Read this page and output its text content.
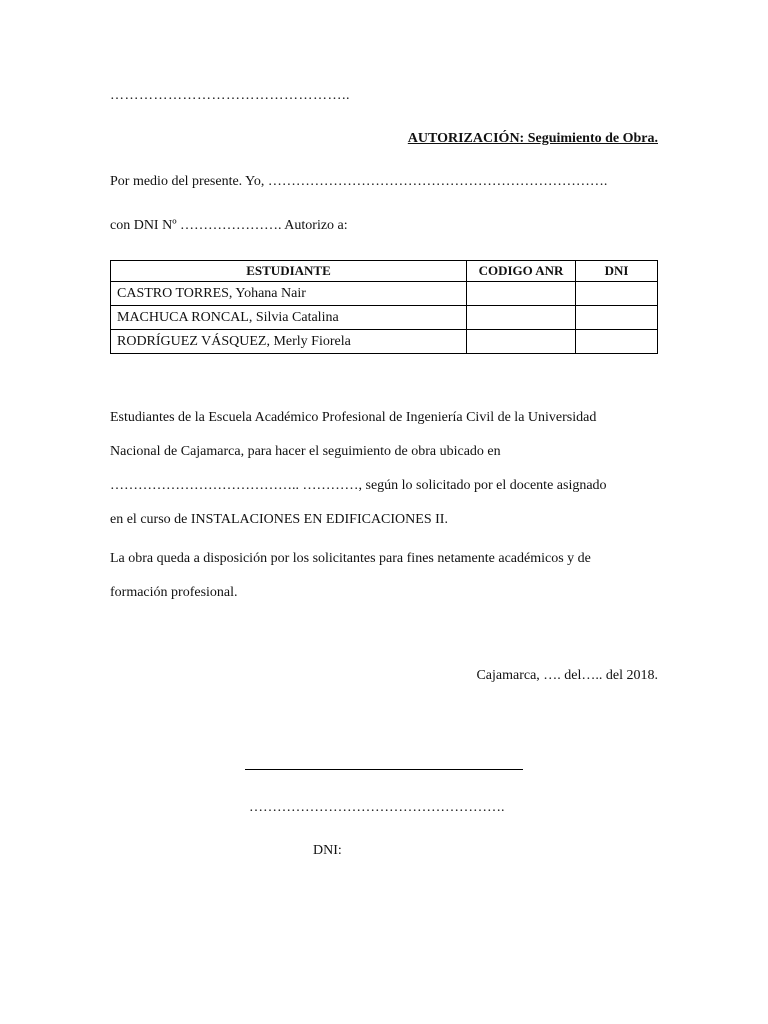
…………………………………………..
AUTORIZACIÓN: Seguimiento de Obra.
Por medio del presente. Yo, ……………………………………………………………….
con DNI Nº …………………. Autorizo a:
ESTUDIANTE	CODIGO ANR	DNI
CASTRO TORRES, Yohana Nair		
MACHUCA RONCAL, Silvia Catalina		
RODRÍGUEZ VÁSQUEZ, Merly Fiorela		
Estudiantes de la Escuela Académico Profesional de Ingeniería Civil de la Universidad
Nacional de Cajamarca, para hacer el seguimiento de obra ubicado en
………………………………….. …………, según lo solicitado por el docente asignado
en el curso de INSTALACIONES EN EDIFICACIONES II.
La obra queda a disposición por los solicitantes para fines netamente académicos y de
formación profesional.
Cajamarca, …. del….. del 2018.
……………………………………………….
DNI:
